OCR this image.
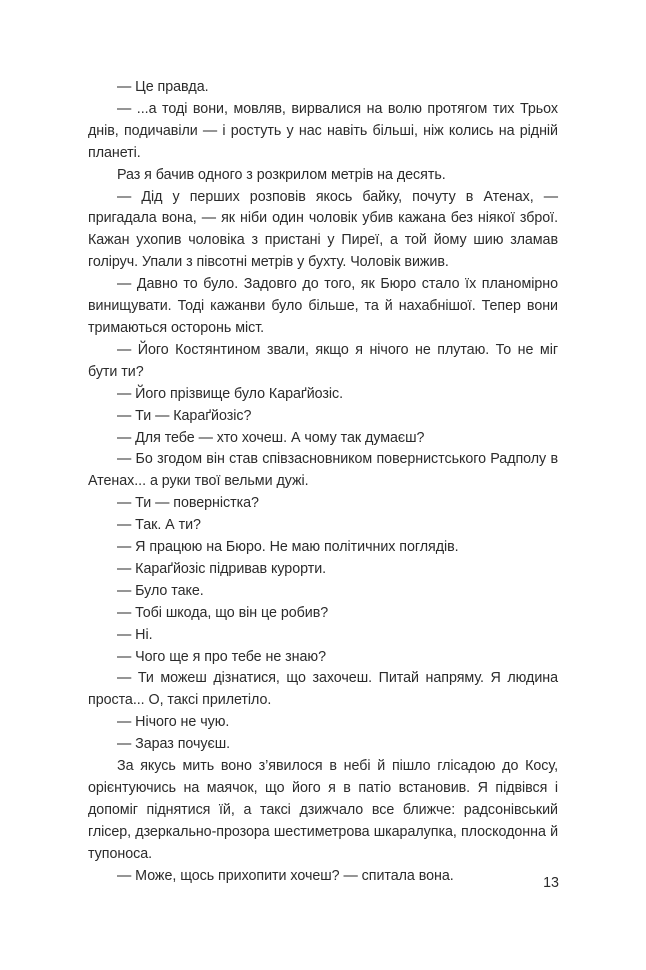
— Це правда.

— ...а тоді вони, мовляв, вирвалися на волю протягом тих Трьох днів, подичавіли — і ростуть у нас навіть більші, ніж колись на рідній планеті.

Раз я бачив одного з розкрилом метрів на десять.

— Дід у перших розповів якось байку, почуту в Атенах, — пригадала вона, — як ніби один чоловік убив кажана без ніякої зброї. Кажан ухопив чоловіка з пристані у Пиреї, а той йому шию зламав голіруч. Упали з півсотні метрів у бухту. Чоловік вижив.

— Давно то було. Задовго до того, як Бюро стало їх планомірно винищувати. Тоді кажанви було більше, та й нахабнішої. Тепер вони тримаються осторонь міст.

— Його Костянтином звали, якщо я нічого не плутаю. То не міг бути ти?

— Його прізвище було Караґйозіс.

— Ти — Караґйозіс?

— Для тебе — хто хочеш. А чому так думаєш?

— Бо згодом він став співзасновником повернистського Радполу в Атенах... а руки твої вельми дужі.

— Ти — поверністка?

— Так. А ти?

— Я працюю на Бюро. Не маю політичних поглядів.

— Караґйозіс підривав курорти.

— Було таке.

— Тобі шкода, що він це робив?

— Ні.

— Чого ще я про тебе не знаю?

— Ти можеш дізнатися, що захочеш. Питай напряму. Я людина проста... О, таксі прилетіло.

— Нічого не чую.

— Зараз почуєш.

За якусь мить воно з’явилося в небі й пішло глісадою до Косу, орієнтуючись на маячок, що його я в патіо встановив. Я підвівся і допоміг піднятися їй, а таксі дзижчало все ближче: радсонівський глісер, дзеркально-прозора шестиметрова шкаралупка, плоскодонна й тупоноса.

— Може, щось прихопити хочеш? — спитала вона.	13
